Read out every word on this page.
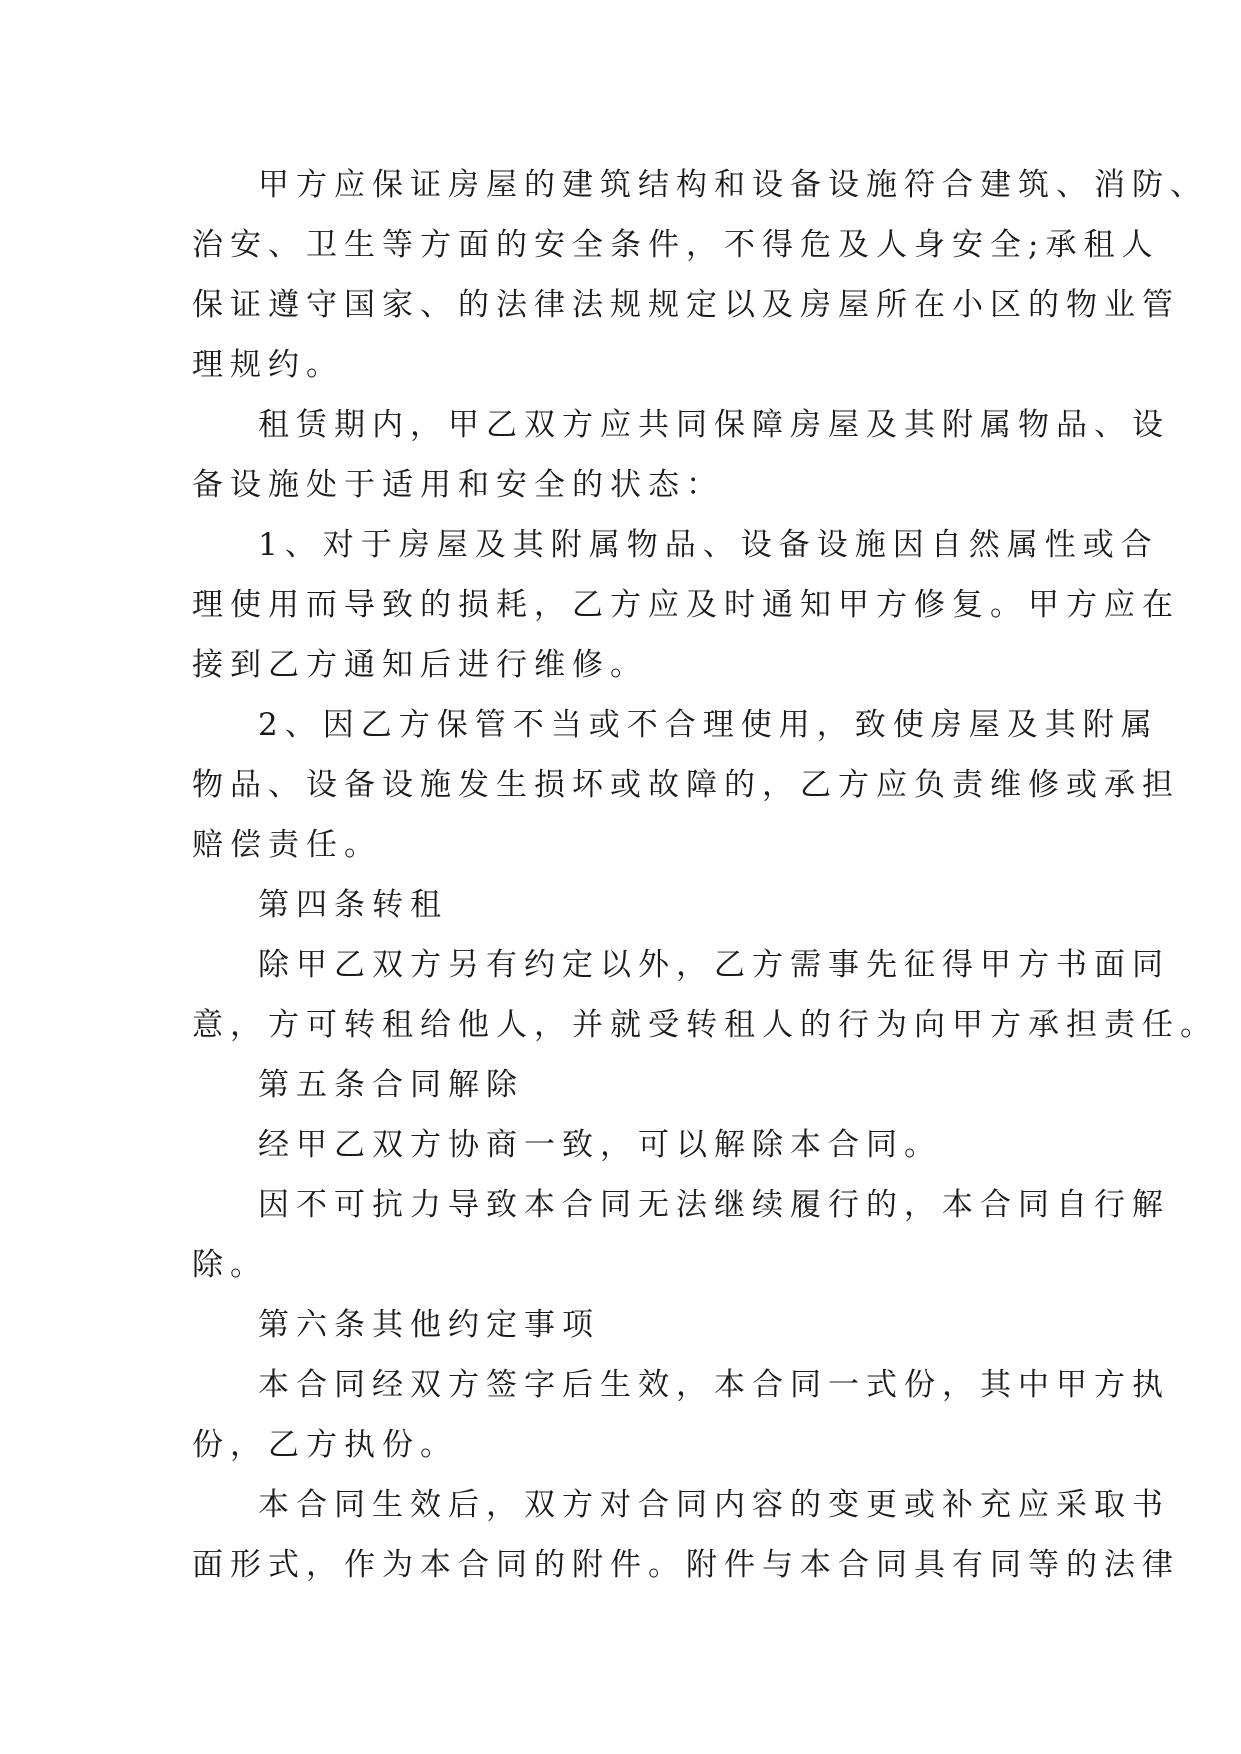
甲方应保证房屋的建筑结构和设备设施符合建筑、消防、
治安、卫生等方面的安全条件，不得危及人身安全;承租人
保证遵守国家、的法律法规规定以及房屋所在小区的物业管
理规约。
租赁期内，甲乙双方应共同保障房屋及其附属物品、设
备设施处于适用和安全的状态：
1、对于房屋及其附属物品、设备设施因自然属性或合
理使用而导致的损耗，乙方应及时通知甲方修复。甲方应在
接到乙方通知后进行维修。
2、因乙方保管不当或不合理使用，致使房屋及其附属
物品、设备设施发生损坏或故障的，乙方应负责维修或承担
赔偿责任。
第四条转租
除甲乙双方另有约定以外，乙方需事先征得甲方书面同
意，方可转租给他人，并就受转租人的行为向甲方承担责任。
第五条合同解除
经甲乙双方协商一致，可以解除本合同。
因不可抗力导致本合同无法继续履行的，本合同自行解
除。
第六条其他约定事项
本合同经双方签字后生效，本合同一式份，其中甲方执
份，乙方执份。
本合同生效后，双方对合同内容的变更或补充应采取书
面形式，作为本合同的附件。附件与本合同具有同等的法律
